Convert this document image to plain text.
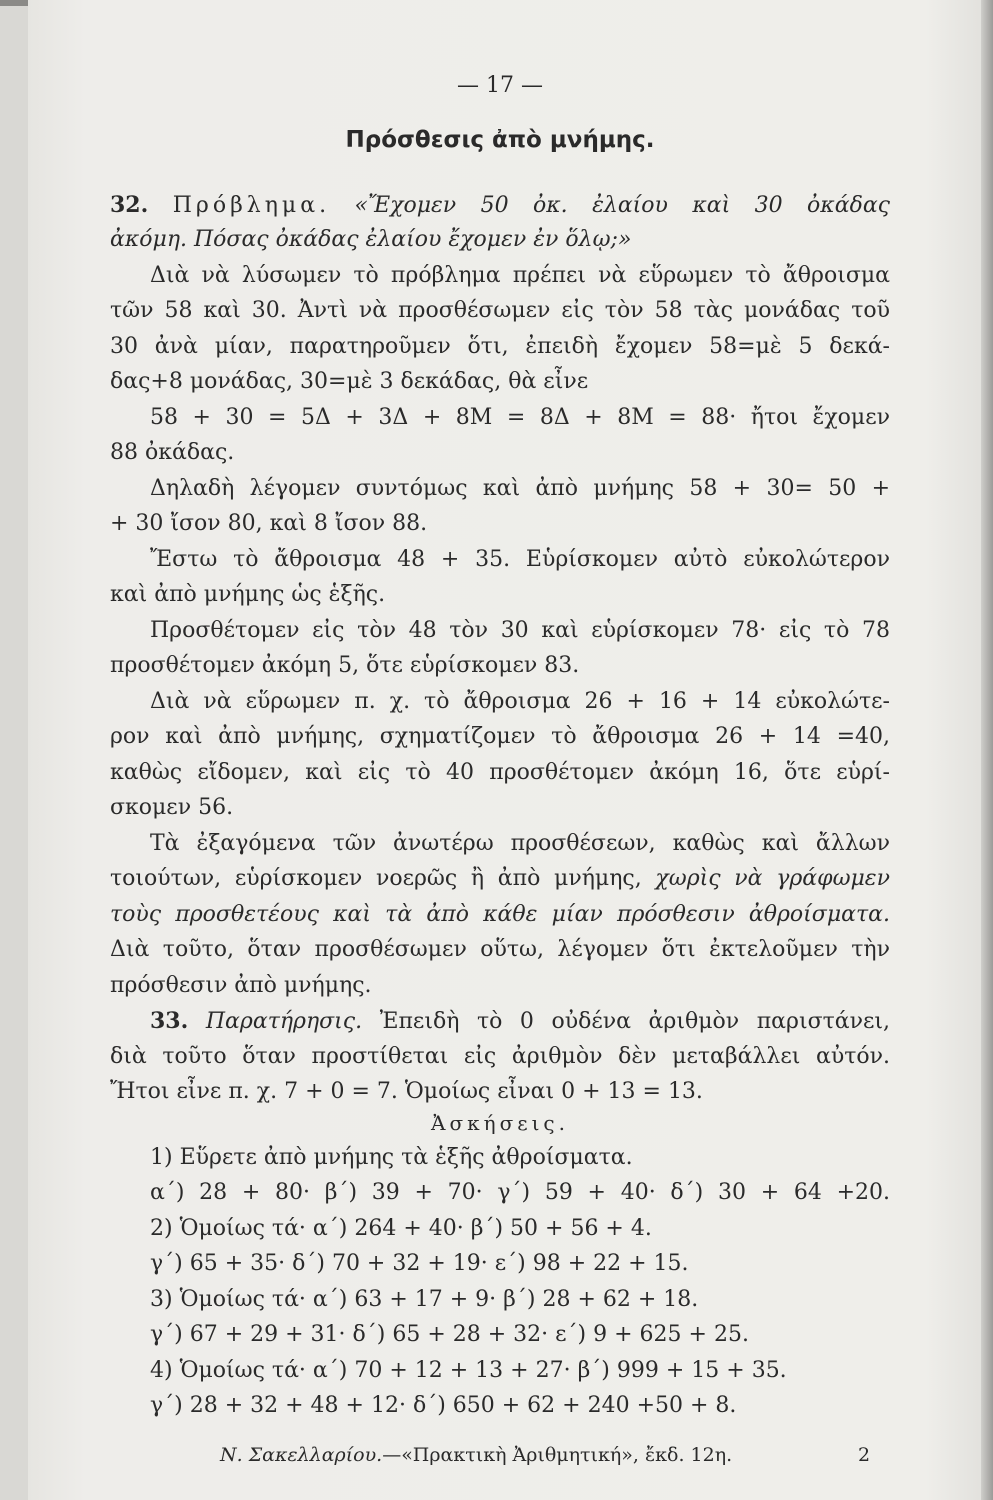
— 17 —
Πρόσθεσις ἀπὸ μνήμης.
32. Πρόβλημα. «Ἔχομεν 50 ὀκ. ἐλαίου καὶ 30 ὀκάδας
ἀκόμη. Πόσας ὀκάδας ἐλαίου ἔχομεν ἐν ὅλῳ;»
Διὰ νὰ λύσωμεν τὸ πρόβλημα πρέπει νὰ εὕρωμεν τὸ ἄθροισμα
τῶν 58 καὶ 30. Ἀντὶ νὰ προσθέσωμεν εἰς τὸν 58 τὰς μονάδας τοῦ
30 ἀνὰ μίαν, παρατηροῦμεν ὅτι, ἐπειδὴ ἔχομεν 58=μὲ 5 δεκά-
δας+8 μονάδας, 30=μὲ 3 δεκάδας, θὰ εἶνε
58 + 30 = 5Δ + 3Δ + 8Μ = 8Δ + 8Μ = 88· ἤτοι ἔχομεν
88 ὀκάδας.
Δηλαδὴ λέγομεν συντόμως καὶ ἀπὸ μνήμης 58 + 30= 50 +
+ 30 ἴσον 80, καὶ 8 ἴσον 88.
Ἔστω τὸ ἄθροισμα 48 + 35. Εὑρίσκομεν αὐτὸ εὐκολώτερον
καὶ ἀπὸ μνήμης ὡς ἑξῆς.
Προσθέτομεν εἰς τὸν 48 τὸν 30 καὶ εὑρίσκομεν 78· εἰς τὸ 78
προσθέτομεν ἀκόμη 5, ὅτε εὑρίσκομεν 83.
Διὰ νὰ εὕρωμεν π. χ. τὸ ἄθροισμα 26 + 16 + 14 εὐκολώτε-
ρον καὶ ἀπὸ μνήμης, σχηματίζομεν τὸ ἄθροισμα 26 + 14 =40,
καθὼς εἴδομεν, καὶ εἰς τὸ 40 προσθέτομεν ἀκόμη 16, ὅτε εὑρί-
σκομεν 56.
Τὰ ἐξαγόμενα τῶν ἀνωτέρω προσθέσεων, καθὼς καὶ ἄλλων
τοιούτων, εὑρίσκομεν νοερῶς ἢ ἀπὸ μνήμης, χωρὶς νὰ γράφωμεν
τοὺς προσθετέους καὶ τὰ ἀπὸ κάθε μίαν πρόσθεσιν ἀθροίσματα.
Διὰ τοῦτο, ὅταν προσθέσωμεν οὕτω, λέγομεν ὅτι ἐκτελοῦμεν τὴν
πρόσθεσιν ἀπὸ μνήμης.
33. Παρατήρησις. Ἐπειδὴ τὸ 0 οὐδένα ἀριθμὸν παριστάνει,
διὰ τοῦτο ὅταν προστίθεται εἰς ἀριθμὸν δὲν μεταβάλλει αὐτόν.
Ἤτοι εἶνε π. χ. 7 + 0 = 7. Ὁμοίως εἶναι 0 + 13 = 13.
Ἀσκήσεις.
1) Εὕρετε ἀπὸ μνήμης τὰ ἑξῆς ἀθροίσματα.
α΄) 28 + 80· β΄) 39 + 70· γ΄) 59 + 40· δ΄) 30 + 64 +20.
2) Ὁμοίως τά· α΄) 264 + 40· β΄) 50 + 56 + 4.
γ΄) 65 + 35· δ΄) 70 + 32 + 19· ε΄) 98 + 22 + 15.
3) Ὁμοίως τά· α΄) 63 + 17 + 9· β΄) 28 + 62 + 18.
γ΄) 67 + 29 + 31· δ΄) 65 + 28 + 32· ε΄) 9 + 625 + 25.
4) Ὁμοίως τά· α΄) 70 + 12 + 13 + 27· β΄) 999 + 15 + 35.
γ΄) 28 + 32 + 48 + 12· δ΄) 650 + 62 + 240 +50 + 8.
Ν. Σακελλαρίου.—«Πρακτικὴ Ἀριθμητική», ἔκδ. 12η.	2
